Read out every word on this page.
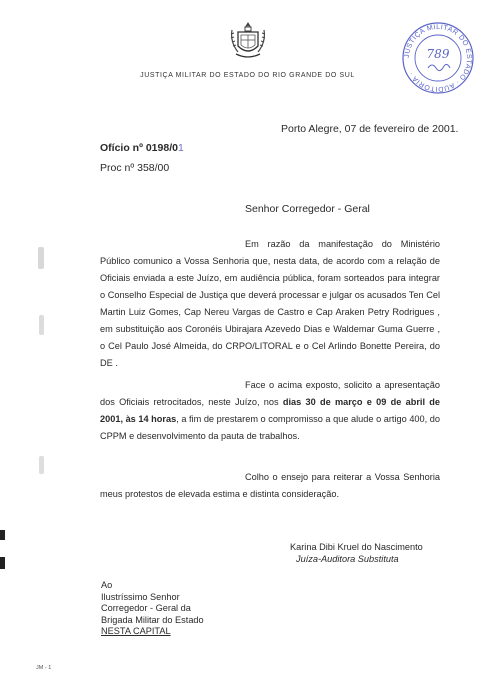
JUSTIÇA MILITAR DO ESTADO DO RIO GRANDE DO SUL
JUSTIÇA MILITAR DO ESTADO · AUDITORIA ·
789
Porto Alegre, 07 de fevereiro de 2001.
Ofício nº 0198/01
Proc nº 358/00
Senhor Corregedor - Geral
Em razão da manifestação do Ministério Público comunico a Vossa Senhoria que, nesta data, de acordo com a relação de Oficiais enviada a este Juízo, em audiência pública, foram sorteados para integrar o Conselho Especial de Justiça que deverá processar e julgar os acusados Ten Cel Martin Luiz Gomes, Cap Nereu Vargas de Castro e Cap Araken Petry Rodrigues , em substituição aos Coronéis Ubirajara Azevedo Dias e Waldemar Guma Guerre , o Cel Paulo José Almeida, do CRPO/LITORAL e o Cel Arlindo Bonette Pereira, do DE .
Face o acima exposto, solicito a apresentação dos Oficiais retrocitados, neste Juízo, nos dias 30 de março e 09 de abril de 2001, às 14 horas, a fim de prestarem o compromisso a que alude o artigo 400, do CPPM e desenvolvimento da pauta de trabalhos.
Colho o ensejo para reiterar a Vossa Senhoria meus protestos de elevada estima e distinta consideração.
Karina Dibi Kruel do Nascimento
Juíza-Auditora Substituta
Ao
Ilustríssimo Senhor
Corregedor - Geral da
Brigada Militar do Estado
NESTA CAPITAL
JM - 1
